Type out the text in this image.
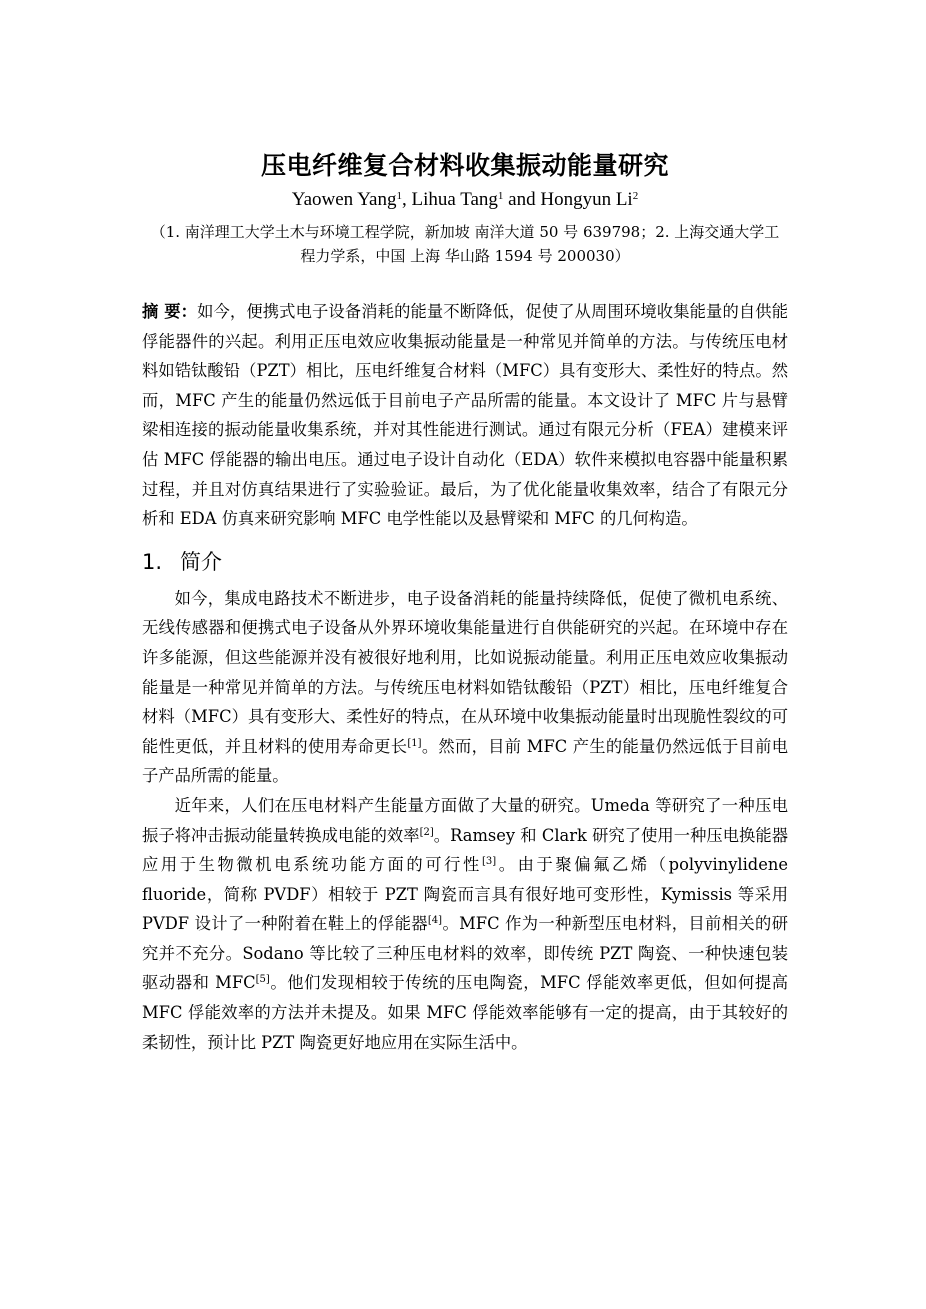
压电纤维复合材料收集振动能量研究
Yaowen Yang$^1$, Lihua Tang$^1$ and Hongyun Li$^2$
（1. 南洋理工大学土木与环境工程学院，新加坡 南洋大道 50 号 639798；2. 上海交通大学工程力学系，中国 上海 华山路 1594 号 200030）
摘 要：如今，便携式电子设备消耗的能量不断降低，促使了从周围环境收集能量的自供能俘能器件的兴起。利用正压电效应收集振动能量是一种常见并简单的方法。与传统压电材料如锆钛酸铅（PZT）相比，压电纤维复合材料（MFC）具有变形大、柔性好的特点。然而，MFC 产生的能量仍然远低于目前电子产品所需的能量。本文设计了 MFC 片与悬臂梁相连接的振动能量收集系统，并对其性能进行测试。通过有限元分析（FEA）建模来评估 MFC 俘能器的输出电压。通过电子设计自动化（EDA）软件来模拟电容器中能量积累过程，并且对仿真结果进行了实验验证。最后，为了优化能量收集效率，结合了有限元分析和 EDA 仿真来研究影响 MFC 电学性能以及悬臂梁和 MFC 的几何构造。
1. 简介

如今，集成电路技术不断进步，电子设备消耗的能量持续降低，促使了微机电系统、无线传感器和便携式电子设备从外界环境收集能量进行自供能研究的兴起。在环境中存在许多能源，但这些能源并没有被很好地利用，比如说振动能量。利用正压电效应收集振动能量是一种常见并简单的方法。与传统压电材料如锆钛酸铅（PZT）相比，压电纤维复合材料（MFC）具有变形大、柔性好的特点，在从环境中收集振动能量时出现脆性裂纹的可能性更低，并且材料的使用寿命更长[1]。然而，目前 MFC 产生的能量仍然远低于目前电子产品所需的能量。

近年来，人们在压电材料产生能量方面做了大量的研究。Umeda 等研究了一种压电振子将冲击振动能量转换成电能的效率[2]。Ramsey 和 Clark 研究了使用一种压电换能器应用于生物微机电系统功能方面的可行性[3]。由于聚偏氟乙烯（polyvinylidene fluoride，简称 PVDF）相较于 PZT 陶瓷而言具有很好地可变形性，Kymissis 等采用 PVDF 设计了一种附着在鞋上的俘能器[4]。MFC 作为一种新型压电材料，目前相关的研究并不充分。Sodano 等比较了三种压电材料的效率，即传统 PZT 陶瓷、一种快速包装驱动器和 MFC[5]。他们发现相较于传统的压电陶瓷，MFC 俘能效率更低，但如何提高 MFC 俘能效率的方法并未提及。如果 MFC 俘能效率能够有一定的提高，由于其较好的柔韧性，预计比 PZT 陶瓷更好地应用在实际生活中。
